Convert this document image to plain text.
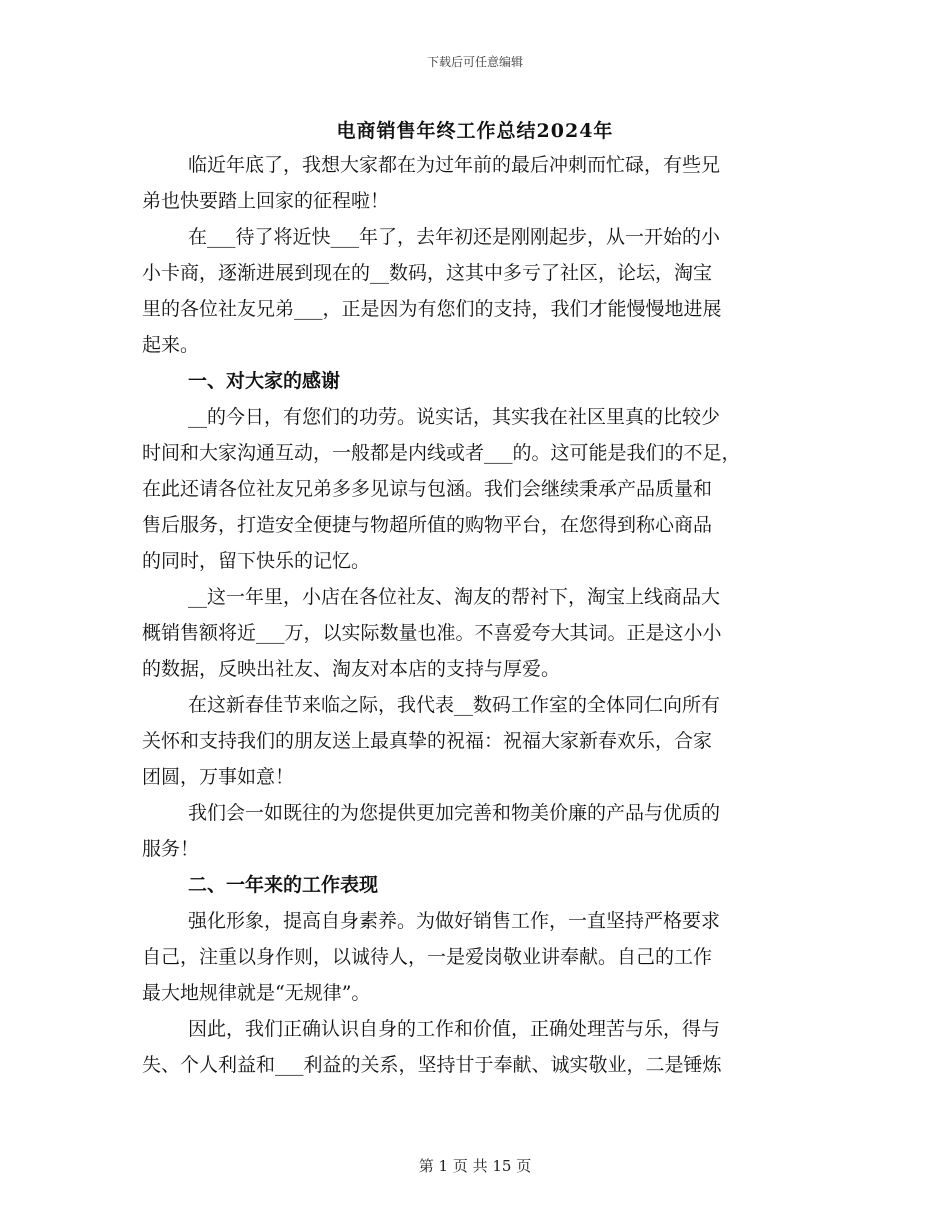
下载后可任意编辑
电商销售年终工作总结2024年
临近年底了，我想大家都在为过年前的最后冲刺而忙碌，有些兄
弟也快要踏上回家的征程啦！
在___待了将近快___年了，去年初还是刚刚起步，从一开始的小
小卡商，逐渐进展到现在的__数码，这其中多亏了社区，论坛，淘宝
里的各位社友兄弟___，正是因为有您们的支持，我们才能慢慢地进展
起来。
一、对大家的感谢
__的今日，有您们的功劳。说实话，其实我在社区里真的比较少
时间和大家沟通互动，一般都是内线或者___的。这可能是我们的不足，
在此还请各位社友兄弟多多见谅与包涵。我们会继续秉承产品质量和
售后服务，打造安全便捷与物超所值的购物平台，在您得到称心商品
的同时，留下快乐的记忆。
__这一年里，小店在各位社友、淘友的帮衬下，淘宝上线商品大
概销售额将近___万，以实际数量也准。不喜爱夸大其词。正是这小小
的数据，反映出社友、淘友对本店的支持与厚爱。
在这新春佳节来临之际，我代表__数码工作室的全体同仁向所有
关怀和支持我们的朋友送上最真挚的祝福：祝福大家新春欢乐，合家
团圆，万事如意！
我们会一如既往的为您提供更加完善和物美价廉的产品与优质的
服务！
二、一年来的工作表现
强化形象，提高自身素养。为做好销售工作，一直坚持严格要求
自己，注重以身作则，以诚待人，一是爱岗敬业讲奉献。自己的工作
最大地规律就是“无规律”。
因此，我们正确认识自身的工作和价值，正确处理苦与乐，得与
失、个人利益和___利益的关系，坚持甘于奉献、诚实敬业，二是锤炼
第 1 页 共 15 页
